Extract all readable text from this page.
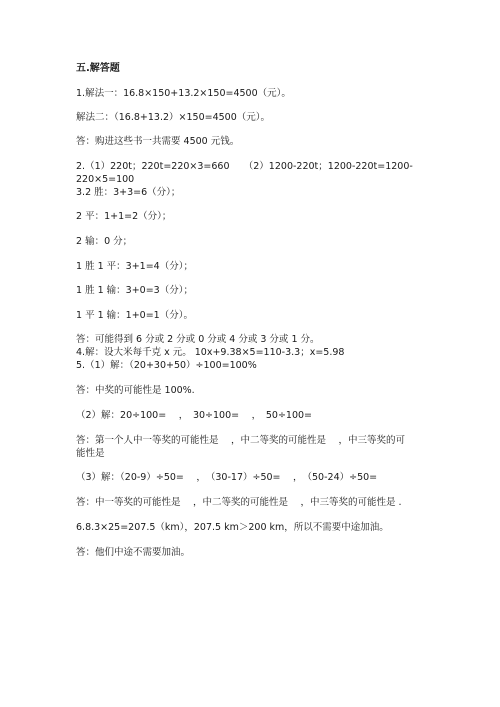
五.解答题
1.解法一：16.8×150+13.2×150=4500（元）。
解法二：（16.8+13.2）×150=4500（元）。
答：购进这些书一共需要 4500 元钱。
2.（1）220t；220t=220×3=660　　（2）1200-220t；1200-220t=1200-
220×5=100
3.2 胜：3+3=6（分）；
2 平：1+1=2（分）；
2 输：0 分；
1 胜 1 平：3+1=4（分）；
1 胜 1 输：3+0=3（分）；
1 平 1 输：1+0=1（分）。
答：可能得到 6 分或 2 分或 0 分或 4 分或 3 分或 1 分。
4.解：设大米每千克 x 元。 10x+9.38×5=110-3.3；x=5.98
5.（1）解：（20+30+50）÷100=100%
答：中奖的可能性是 100%.
（2）解：20÷100=　 ，　30÷100=　 ，　50÷100=
答：第一个人中一等奖的可能性是　 ，中二等奖的可能性是　 ，中三等奖的可
能性是
（3）解：（20-9）÷50=　 ，　（30-17）÷50=　 ，　（50-24）÷50=
答：中一等奖的可能性是　 ，中二等奖的可能性是　 ，中三等奖的可能性是 .
6.8.3×25=207.5（km），207.5 km＞200 km，所以不需要中途加油。
答：他们中途不需要加油。
